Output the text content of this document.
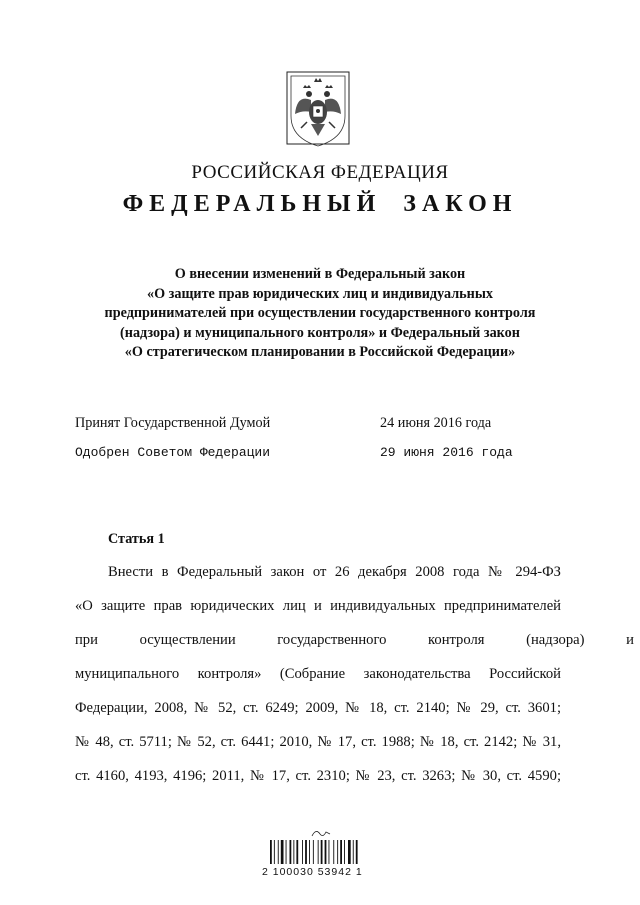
РОССИЙСКАЯ ФЕДЕРАЦИЯ
ФЕДЕРАЛЬНЫЙ ЗАКОН
О внесении изменений в Федеральный закон
«О защите прав юридических лиц и индивидуальных
предпринимателей при осуществлении государственного контроля
(надзора) и муниципального контроля» и Федеральный закон
«О стратегическом планировании в Российской Федерации»
Принят Государственной Думой	24 июня 2016 года
Одобрен Советом Федерации	29 июня 2016 года
Статья 1
Внести в Федеральный закон от 26 декабря 2008 года № 294-ФЗ
«О защите прав юридических лиц и индивидуальных предпринимателей
при осуществлении государственного контроля (надзора) и
муниципального контроля» (Собрание законодательства Российской
Федерации, 2008, № 52, ст. 6249; 2009, № 18, ст. 2140; № 29, ст. 3601;
№ 48, ст. 5711; № 52, ст. 6441; 2010, № 17, ст. 1988; № 18, ст. 2142; № 31,
ст. 4160, 4193, 4196; 2011, № 17, ст. 2310; № 23, ст. 3263; № 30, ст. 4590;
2 100030 53942 1
